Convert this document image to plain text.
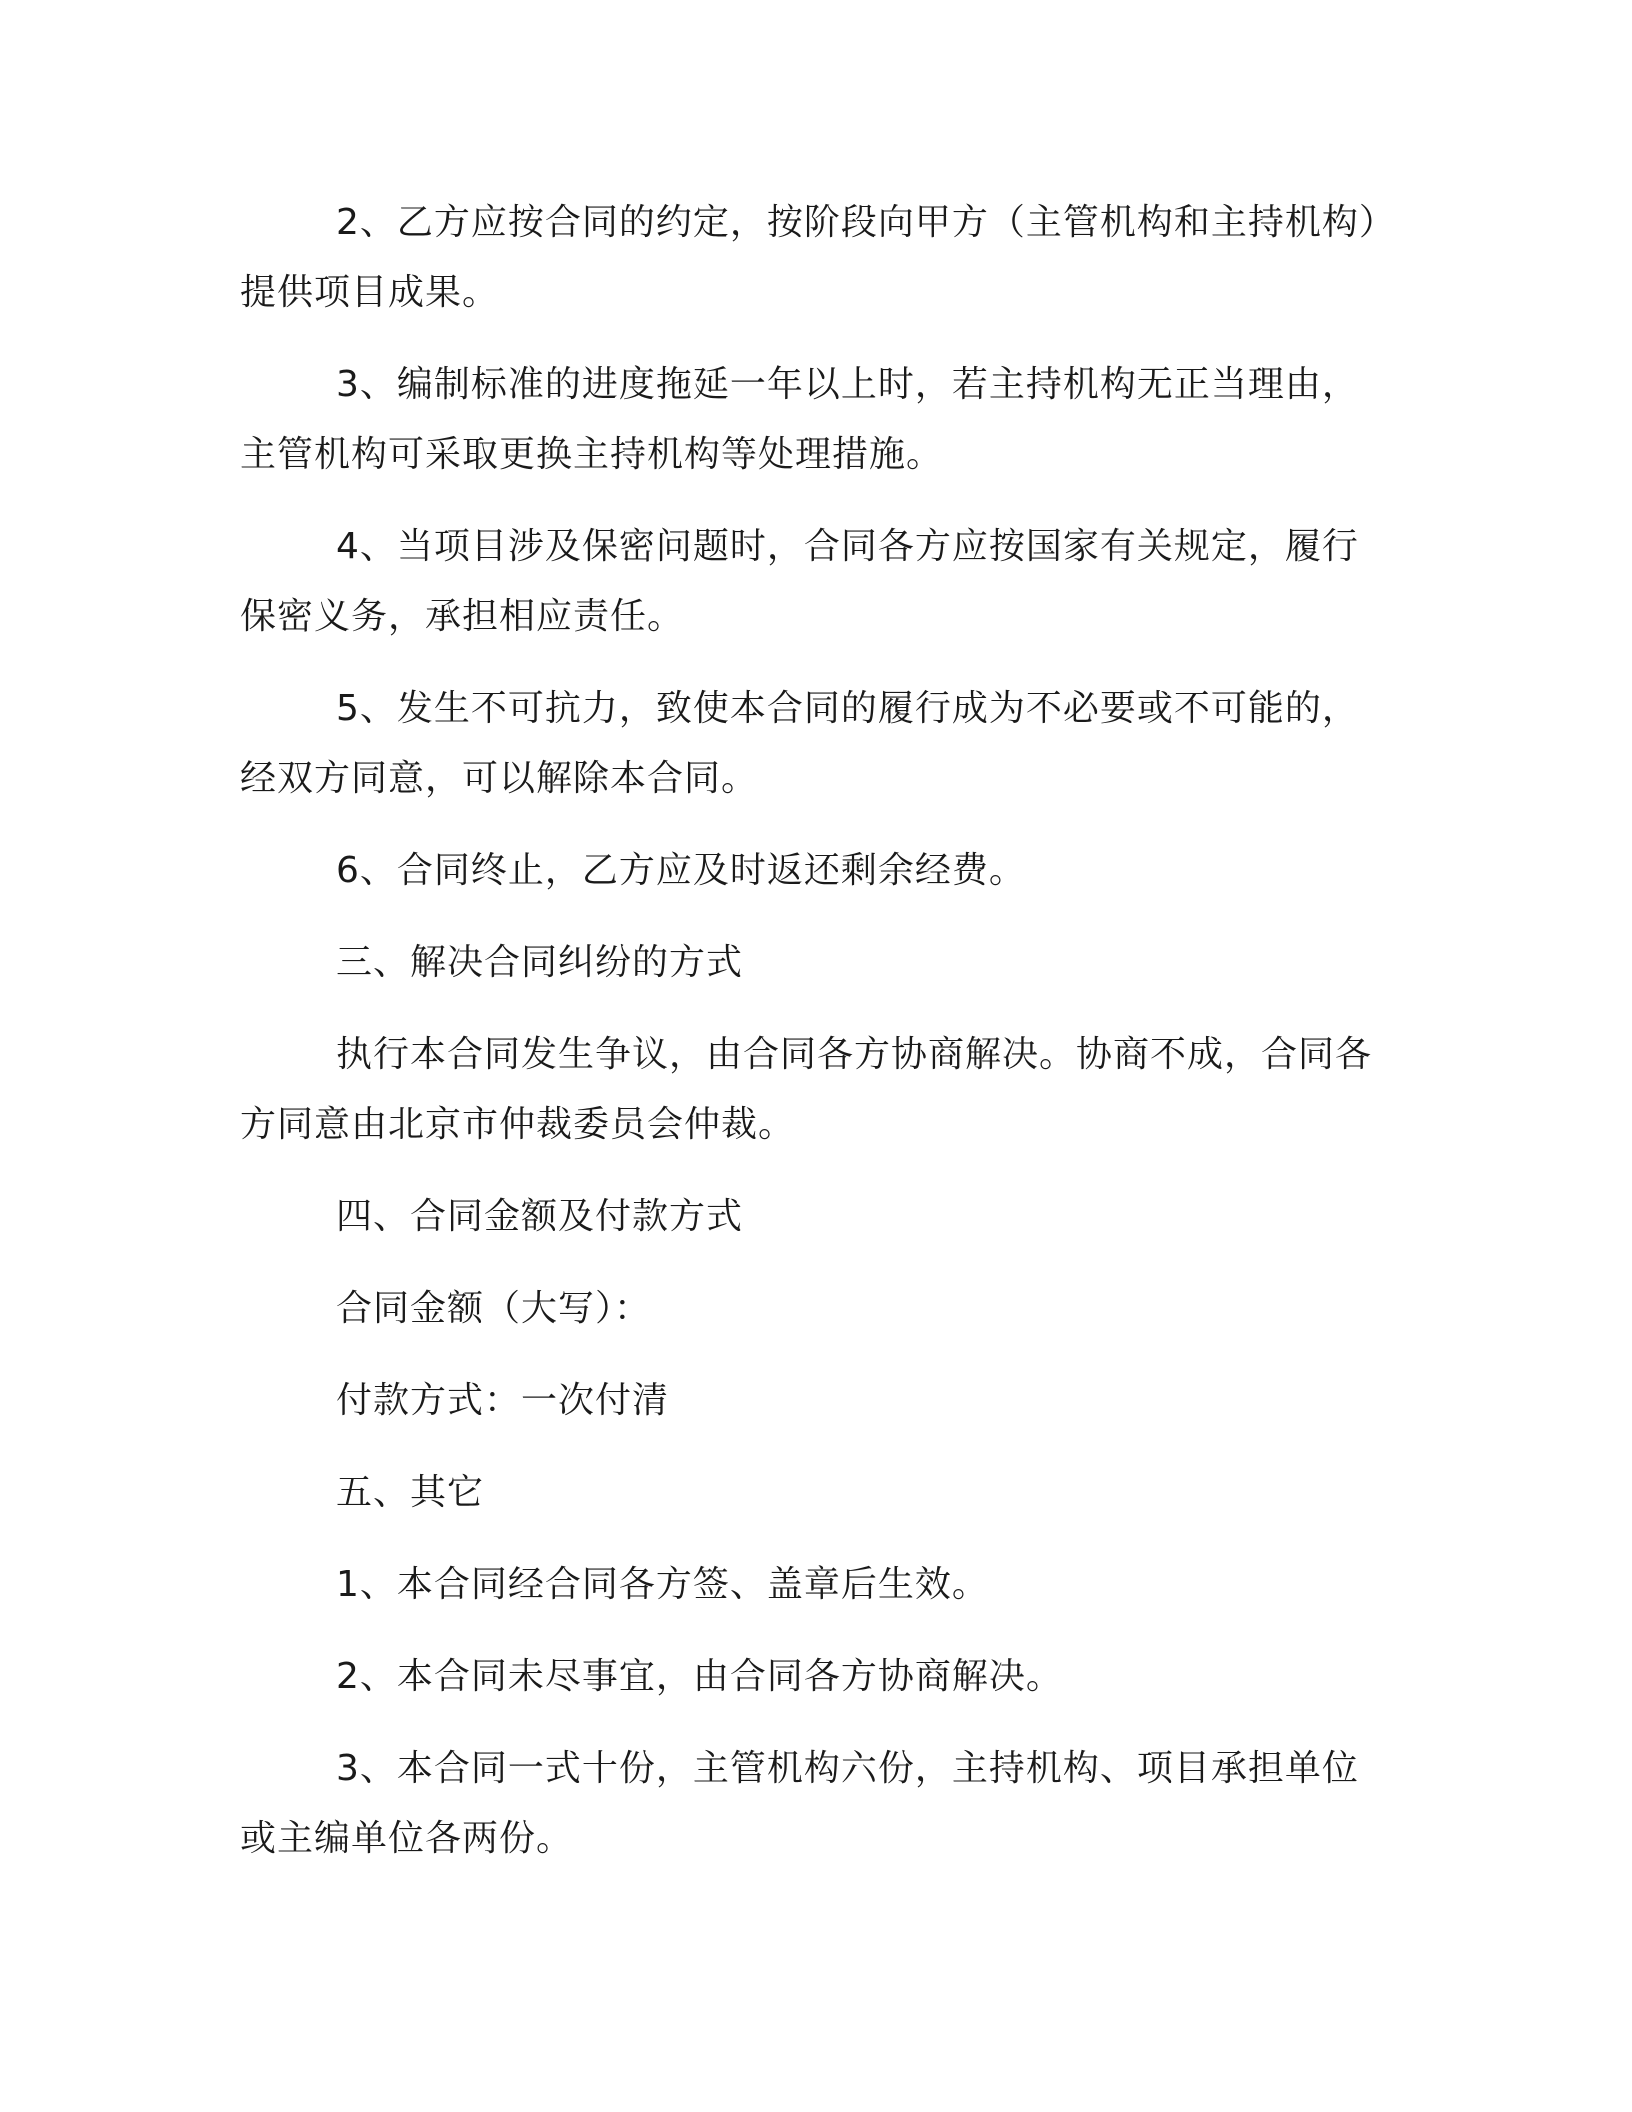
2、乙方应按合同的约定，按阶段向甲方（主管机构和主持机构）提供项目成果。

3、编制标准的进度拖延一年以上时，若主持机构无正当理由，主管机构可采取更换主持机构等处理措施。

4、当项目涉及保密问题时，合同各方应按国家有关规定，履行保密义务，承担相应责任。

5、发生不可抗力，致使本合同的履行成为不必要或不可能的，经双方同意，可以解除本合同。

6、合同终止，乙方应及时返还剩余经费。

三、解决合同纠纷的方式

执行本合同发生争议，由合同各方协商解决。协商不成，合同各方同意由北京市仲裁委员会仲裁。

四、合同金额及付款方式

合同金额（大写）：

付款方式：一次付清

五、其它

1、本合同经合同各方签、盖章后生效。

2、本合同未尽事宜，由合同各方协商解决。

3、本合同一式十份，主管机构六份，主持机构、项目承担单位或主编单位各两份。
